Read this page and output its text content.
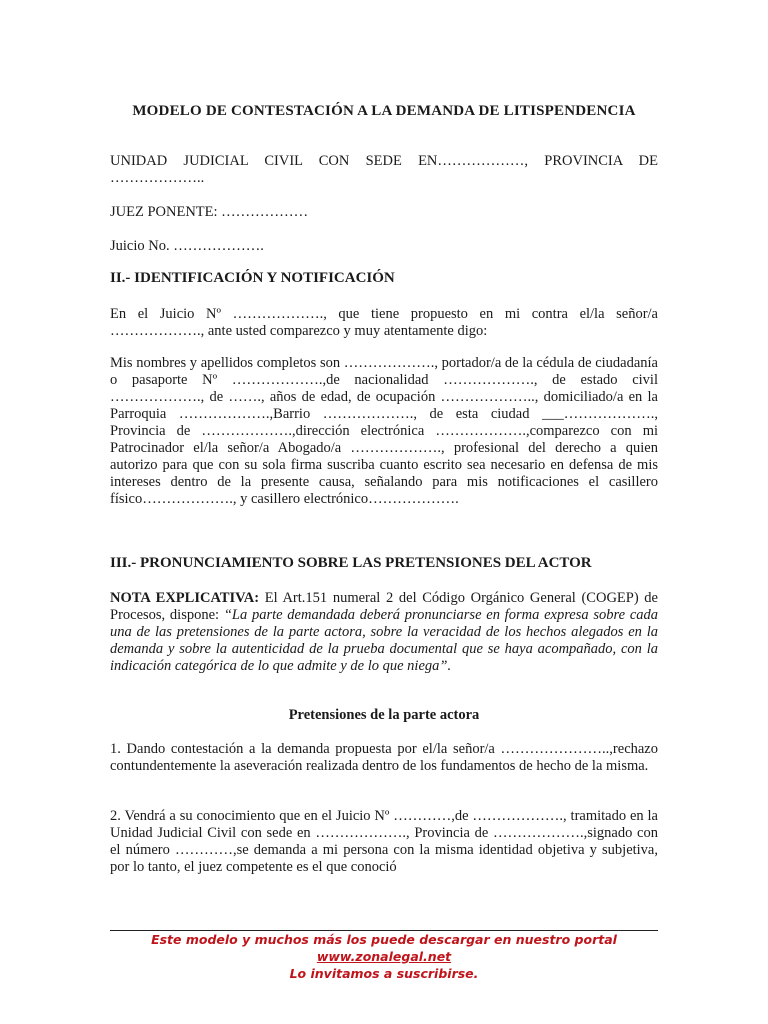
MODELO DE CONTESTACIÓN A LA DEMANDA DE LITISPENDENCIA
UNIDAD JUDICIAL CIVIL CON SEDE EN………………, PROVINCIA DE ………………..
JUEZ PONENTE: ………………
Juicio No. ……………….
II.- IDENTIFICACIÓN Y NOTIFICACIÓN
En el Juicio Nº ………………., que tiene propuesto en mi contra el/la señor/a ………………., ante usted comparezco y muy atentamente digo:
Mis nombres y apellidos completos son ………………., portador/a de la cédula de ciudadanía o pasaporte Nº ……………….,de nacionalidad ………………., de estado civil ………………., de ……., años de edad, de ocupación ……………….., domiciliado/a en la Parroquia ……………….,Barrio ………………., de esta ciudad ___………………., Provincia de ……………….,dirección electrónica ……………….,comparezco con mi Patrocinador el/la señor/a Abogado/a ………………., profesional del derecho a quien autorizo para que con su sola firma suscriba cuanto escrito sea necesario en defensa de mis intereses dentro de la presente causa, señalando para mis notificaciones el casillero físico………………., y casillero electrónico……………….
III.- PRONUNCIAMIENTO SOBRE LAS PRETENSIONES DEL ACTOR
NOTA EXPLICATIVA: El Art.151 numeral 2 del Código Orgánico General (COGEP) de Procesos, dispone: “La parte demandada deberá pronunciarse en forma expresa sobre cada una de las pretensiones de la parte actora, sobre la veracidad de los hechos alegados en la demanda y sobre la autenticidad de la prueba documental que se haya acompañado, con la indicación categórica de lo que admite y de lo que niega”.
Pretensiones de la parte actora
1. Dando contestación a la demanda propuesta por el/la señor/a …………………..,rechazo contundentemente la aseveración realizada dentro de los fundamentos de hecho de la misma.
2. Vendrá a su conocimiento que en el Juicio Nº …………,de ………………., tramitado en la Unidad Judicial Civil con sede en ………………., Provincia de ……………….,signado con el número …………,se demanda a mi persona con la misma identidad objetiva y subjetiva, por lo tanto, el juez competente es el que conoció
Este modelo y muchos más los puede descargar en nuestro portal www.zonalegal.net
Lo invitamos a suscribirse.
